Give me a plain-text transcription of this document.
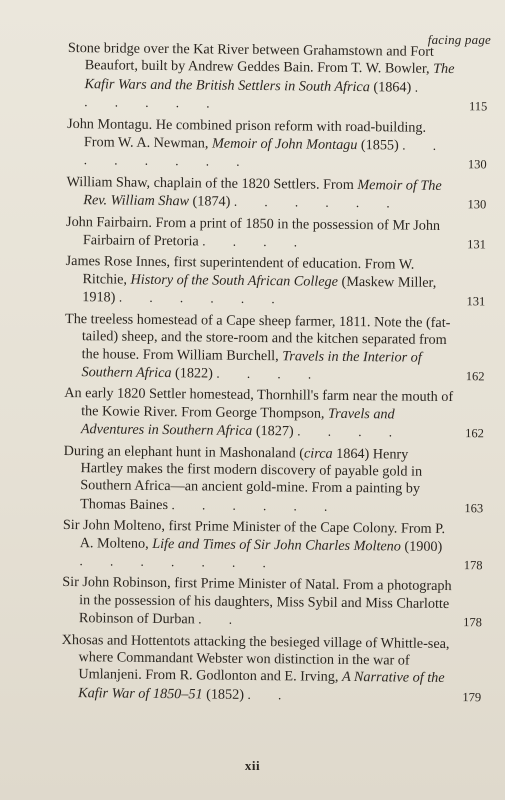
facing page
Stone bridge over the Kat River between Grahamstown and Fort Beaufort, built by Andrew Geddes Bain. From T. W. Bowler, The Kafir Wars and the British Settlers in South Africa (1864) . . . . . .	115
John Montagu. He combined prison reform with road-building. From W. A. Newman, Memoir of John Montagu (1855) . . . . . . . .	130
William Shaw, chaplain of the 1820 Settlers. From Memoir of The Rev. William Shaw (1874) . . . . . .	130
John Fairbairn. From a print of 1850 in the possession of Mr John Fairbairn of Pretoria . . . .	131
James Rose Innes, first superintendent of education. From W. Ritchie, History of the South African College (Maskew Miller, 1918) . . . . . .	131
The treeless homestead of a Cape sheep farmer, 1811. Note the (fat-tailed) sheep, and the store-room and the kitchen separated from the house. From William Burchell, Travels in the Interior of Southern Africa (1822) . . . .	162
An early 1820 Settler homestead, Thornhill's farm near the mouth of the Kowie River. From George Thompson, Travels and Adventures in Southern Africa (1827) . . . .	162
During an elephant hunt in Mashonaland (circa 1864) Henry Hartley makes the first modern discovery of payable gold in Southern Africa—an ancient gold-mine. From a painting by Thomas Baines . . . . . .	163
Sir John Molteno, first Prime Minister of the Cape Colony. From P. A. Molteno, Life and Times of Sir John Charles Molteno (1900) . . . . . . .	178
Sir John Robinson, first Prime Minister of Natal. From a photograph in the possession of his daughters, Miss Sybil and Miss Charlotte Robinson of Durban . .	178
Xhosas and Hottentots attacking the besieged village of Whittle-sea, where Commandant Webster won distinction in the war of Umlanjeni. From R. Godlonton and E. Irving, A Narrative of the Kafir War of 1850–51 (1852) . .	179
xii
